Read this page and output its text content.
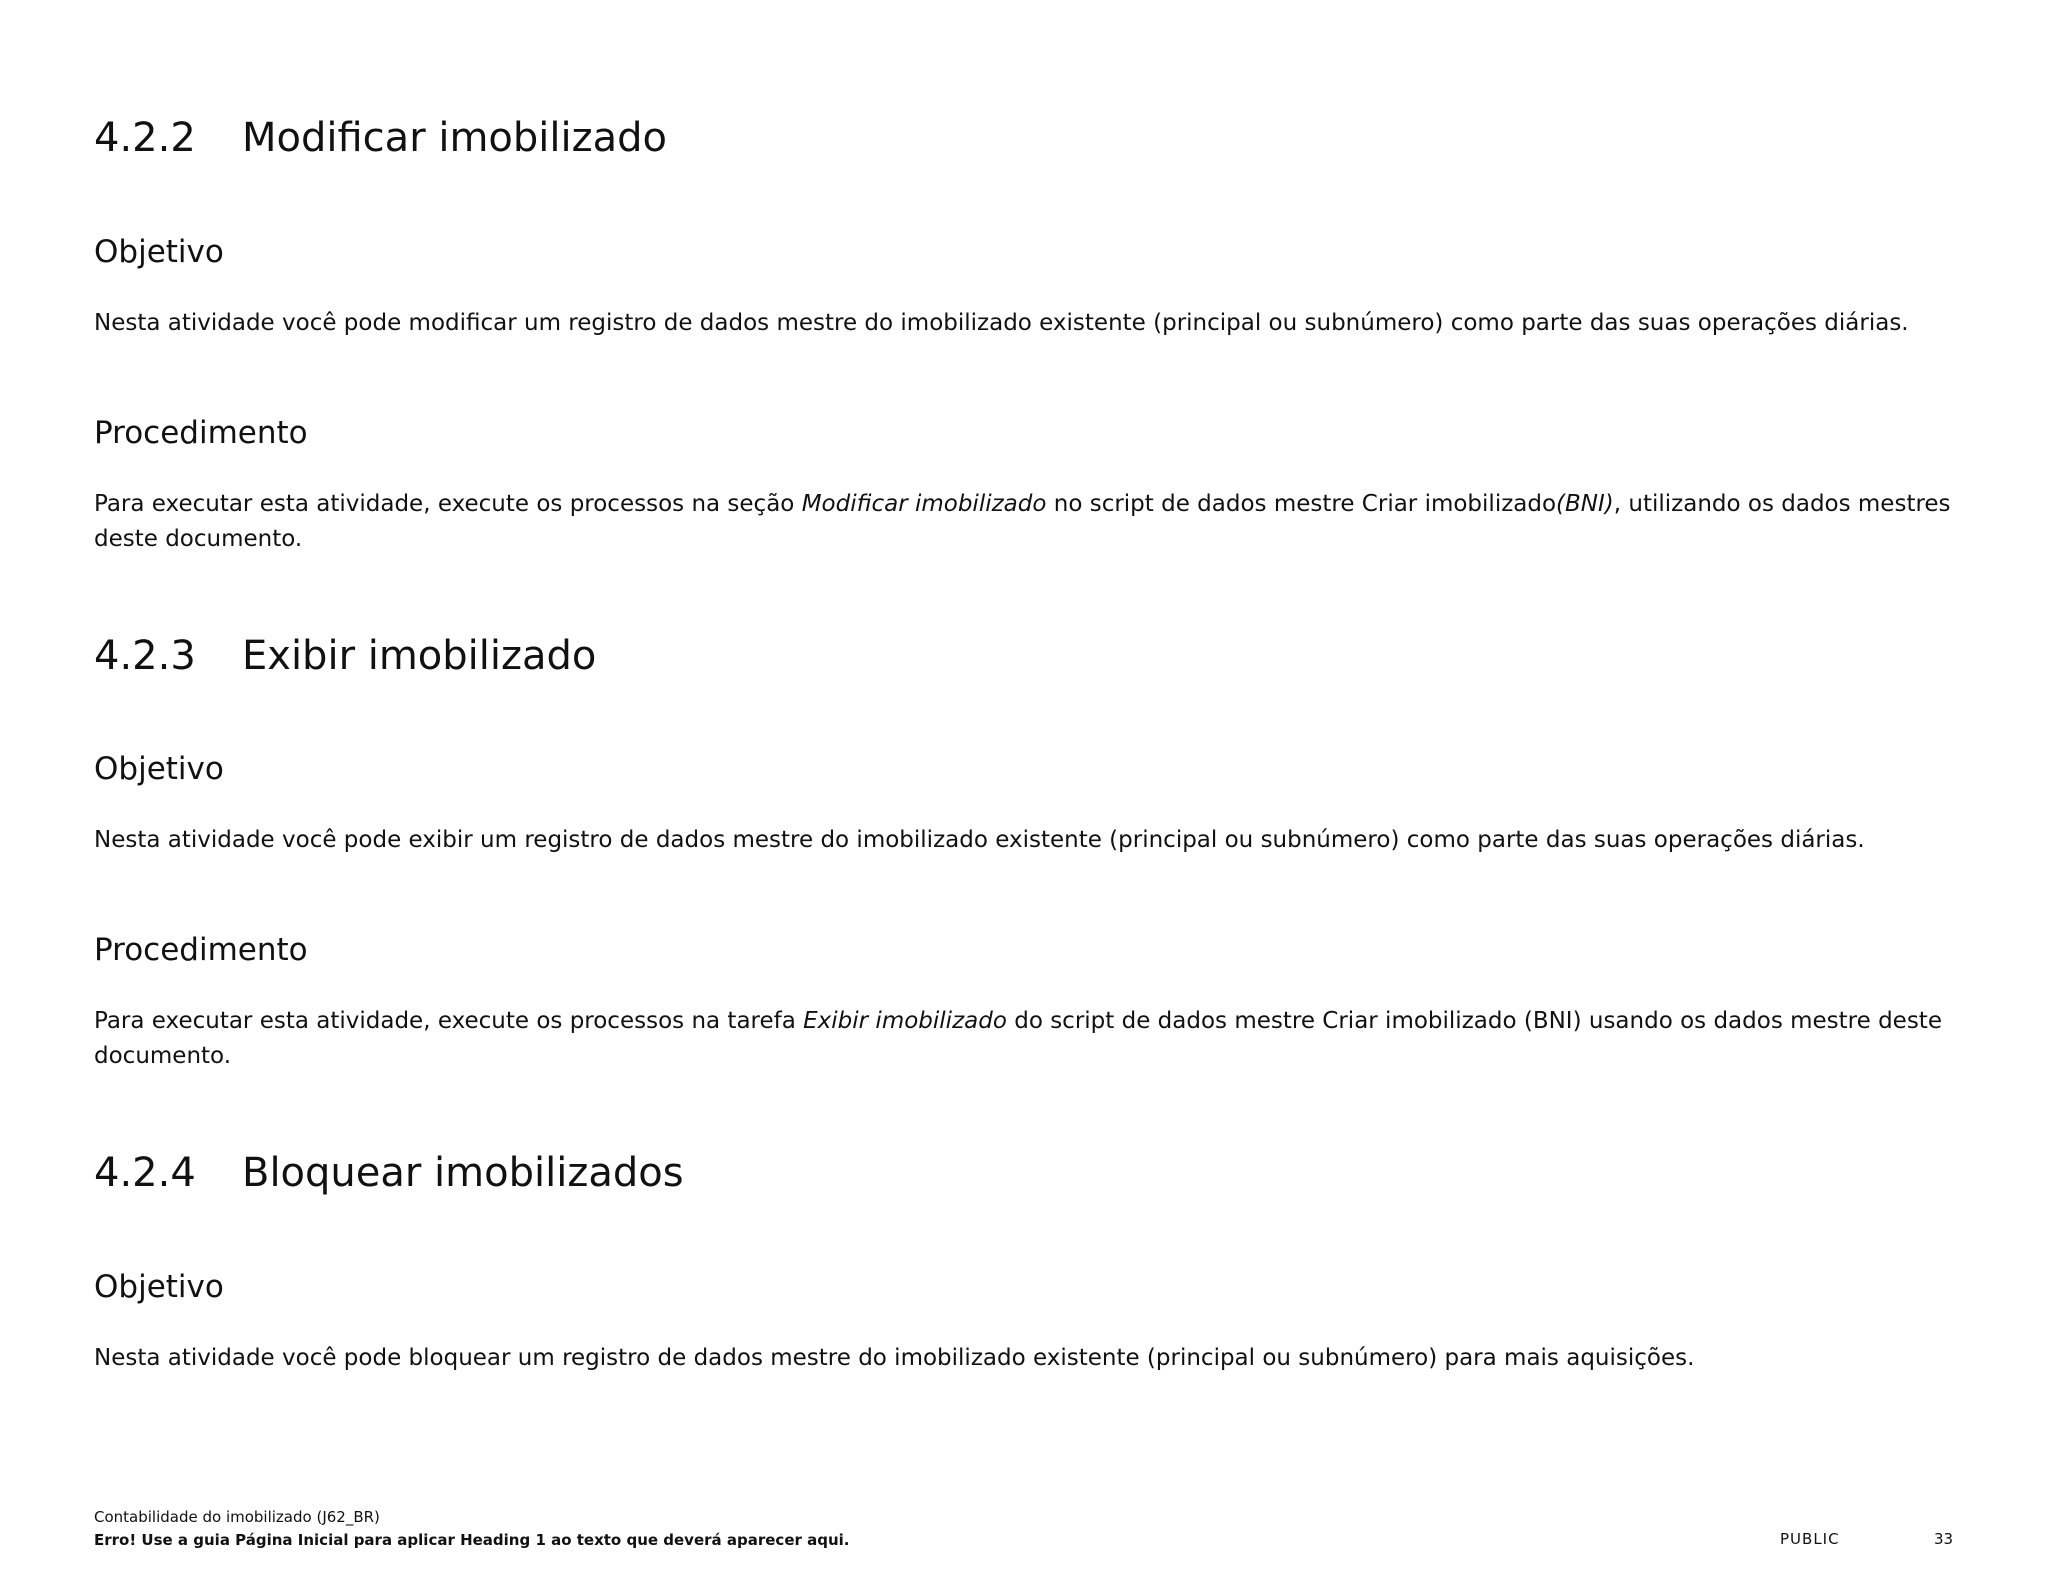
4.2.2 Modificar imobilizado
Objetivo

Nesta atividade você pode modificar um registro de dados mestre do imobilizado existente (principal ou subnúmero) como parte das suas operações diárias.

Procedimento

Para executar esta atividade, execute os processos na seção Modificar imobilizado no script de dados mestre Criar imobilizado(BNI), utilizando os dados mestres deste documento.

4.2.3 Exibir imobilizado
Objetivo

Nesta atividade você pode exibir um registro de dados mestre do imobilizado existente (principal ou subnúmero) como parte das suas operações diárias.

Procedimento

Para executar esta atividade, execute os processos na tarefa Exibir imobilizado do script de dados mestre Criar imobilizado (BNI) usando os dados mestre deste documento.

4.2.4 Bloquear imobilizados
Objetivo

Nesta atividade você pode bloquear um registro de dados mestre do imobilizado existente (principal ou subnúmero) para mais aquisições.

Contabilidade do imobilizado (J62_BR)
Erro! Use a guia Página Inicial para aplicar Heading 1 ao texto que deverá aparecer aqui.	PUBLIC	33
